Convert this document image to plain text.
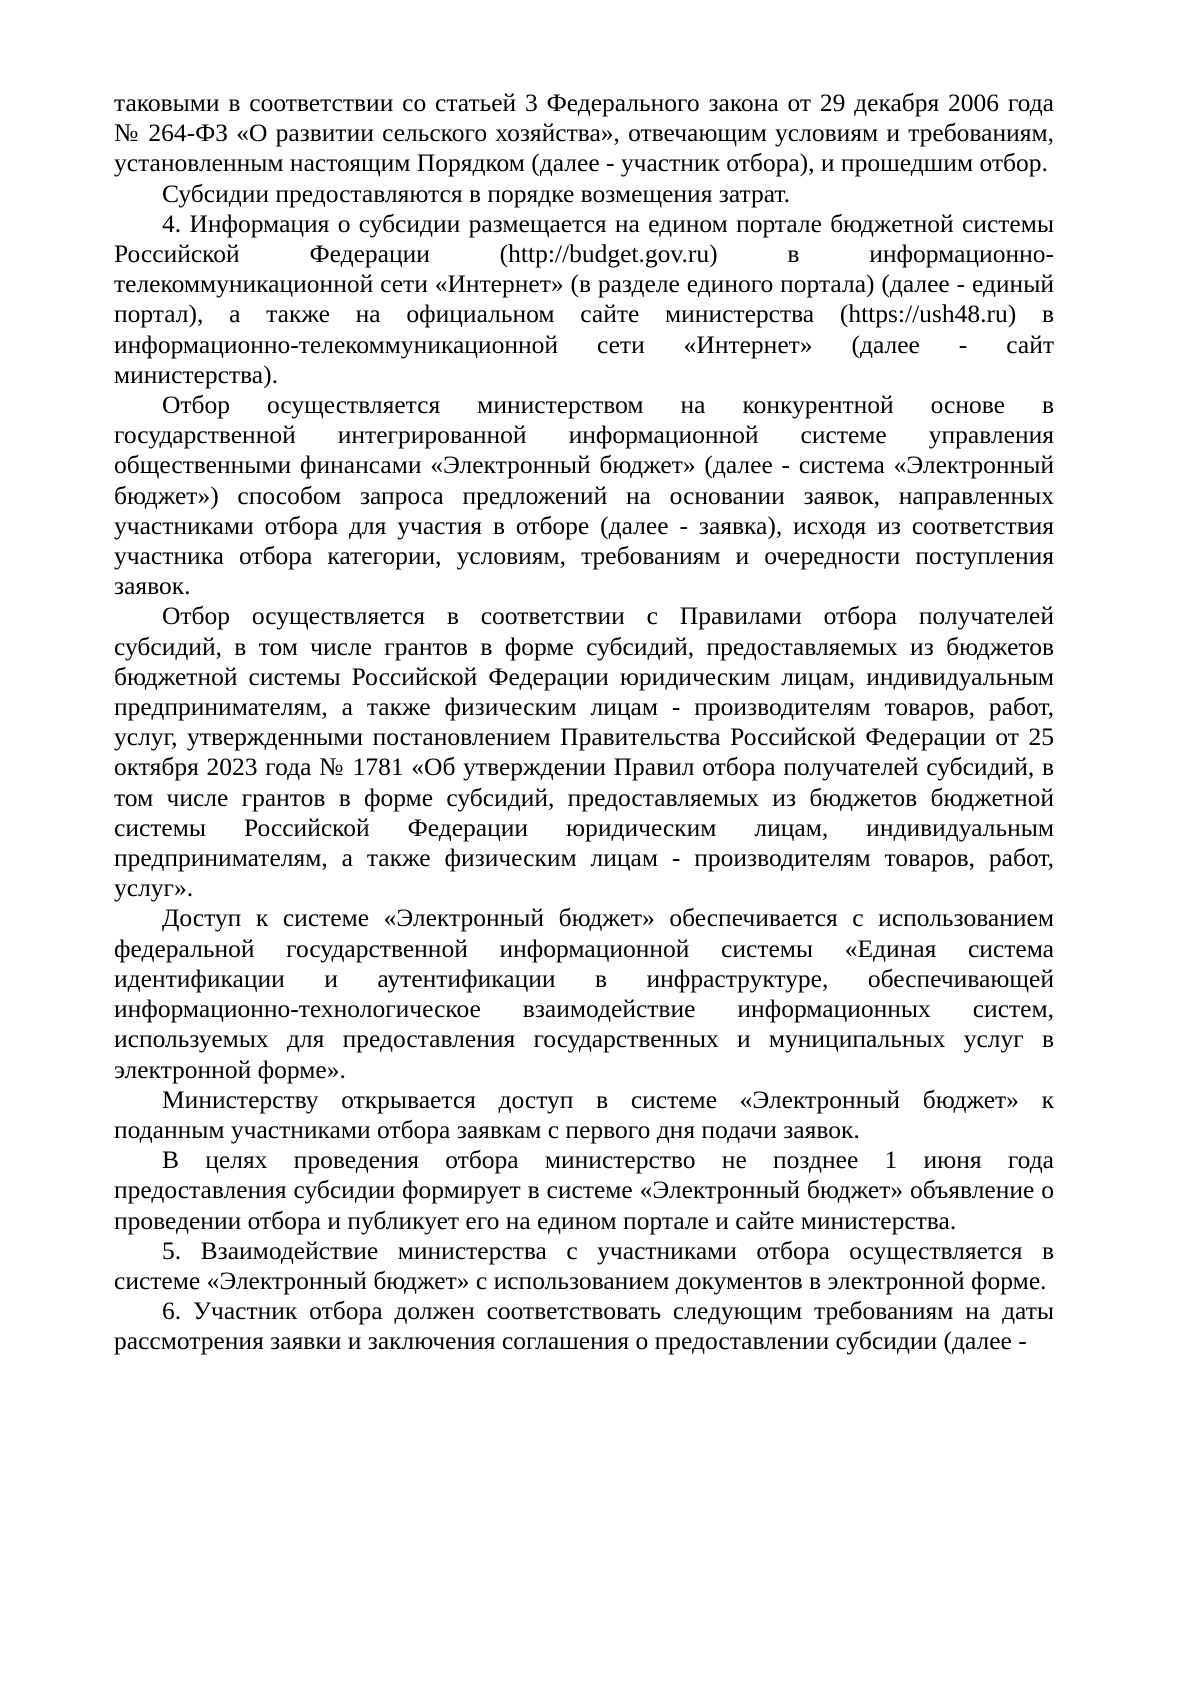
таковыми в соответствии со статьей 3 Федерального закона от 29 декабря 2006 года № 264-ФЗ «О развитии сельского хозяйства», отвечающим условиям и требованиям, установленным настоящим Порядком (далее - участник отбора), и прошедшим отбор.

Субсидии предоставляются в порядке возмещения затрат.

4. Информация о субсидии размещается на едином портале бюджетной системы Российской Федерации (http://budget.gov.ru) в информационно-телекоммуникационной сети «Интернет» (в разделе единого портала) (далее - единый портал), а также на официальном сайте министерства (https://ush48.ru) в информационно-телекоммуникационной сети «Интернет» (далее - сайт министерства).

Отбор осуществляется министерством на конкурентной основе в государственной интегрированной информационной системе управления общественными финансами «Электронный бюджет» (далее - система «Электронный бюджет») способом запроса предложений на основании заявок, направленных участниками отбора для участия в отборе (далее - заявка), исходя из соответствия участника отбора категории, условиям, требованиям и очередности поступления заявок.

Отбор осуществляется в соответствии с Правилами отбора получателей субсидий, в том числе грантов в форме субсидий, предоставляемых из бюджетов бюджетной системы Российской Федерации юридическим лицам, индивидуальным предпринимателям, а также физическим лицам - производителям товаров, работ, услуг, утвержденными постановлением Правительства Российской Федерации от 25 октября 2023 года № 1781 «Об утверждении Правил отбора получателей субсидий, в том числе грантов в форме субсидий, предоставляемых из бюджетов бюджетной системы Российской Федерации юридическим лицам, индивидуальным предпринимателям, а также физическим лицам - производителям товаров, работ, услуг».

Доступ к системе «Электронный бюджет» обеспечивается с использованием федеральной государственной информационной системы «Единая система идентификации и аутентификации в инфраструктуре, обеспечивающей информационно-технологическое взаимодействие информационных систем, используемых для предоставления государственных и муниципальных услуг в электронной форме».

Министерству открывается доступ в системе «Электронный бюджет» к поданным участниками отбора заявкам с первого дня подачи заявок.

В целях проведения отбора министерство не позднее 1 июня года предоставления субсидии формирует в системе «Электронный бюджет» объявление о проведении отбора и публикует его на едином портале и сайте министерства.

5. Взаимодействие министерства с участниками отбора осуществляется в системе «Электронный бюджет» с использованием документов в электронной форме.

6. Участник отбора должен соответствовать следующим требованиям на даты рассмотрения заявки и заключения соглашения о предоставлении субсидии (далее -
